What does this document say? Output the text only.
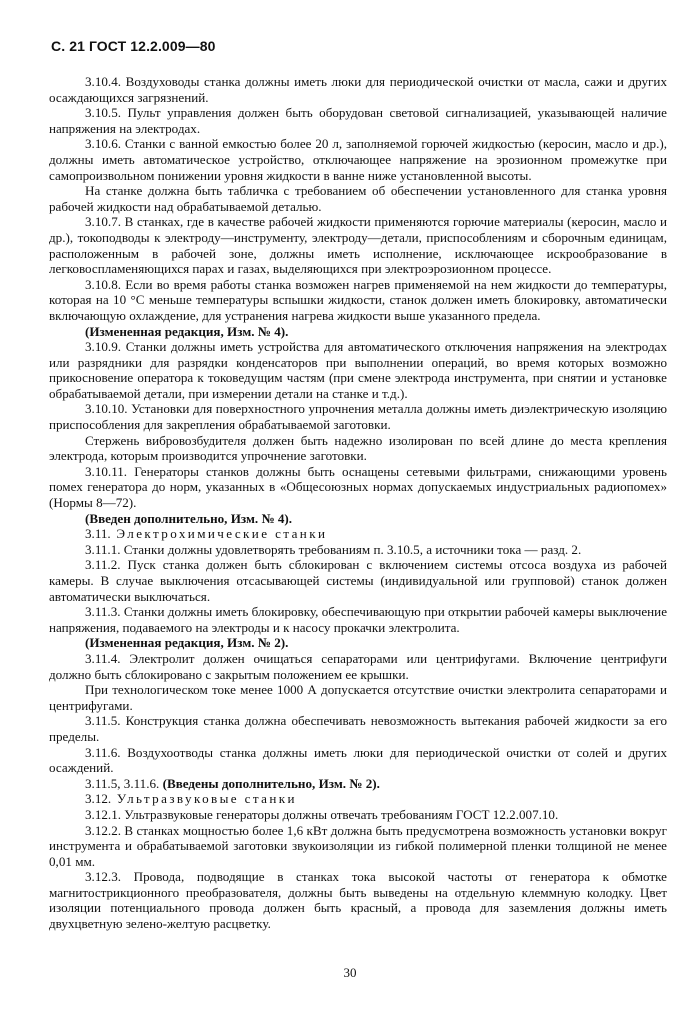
С. 21 ГОСТ 12.2.009—80

3.10.4. Воздуховоды станка должны иметь люки для периодической очистки от масла, сажи и других осаждающихся загрязнений.

3.10.5. Пульт управления должен быть оборудован световой сигнализацией, указывающей наличие напряжения на электродах.

3.10.6. Станки с ванной емкостью более 20 л, заполняемой горючей жидкостью (керосин, масло и др.), должны иметь автоматическое устройство, отключающее напряжение на эрозионном промежутке при самопроизвольном понижении уровня жидкости в ванне ниже установленной высоты.

На станке должна быть табличка с требованием об обеспечении установленного для станка уровня рабочей жидкости над обрабатываемой деталью.

3.10.7. В станках, где в качестве рабочей жидкости применяются горючие материалы (керосин, масло и др.), токоподводы к электроду—инструменту, электроду—детали, приспособлениям и сборочным единицам, расположенным в рабочей зоне, должны иметь исполнение, исключающее искрообразование в легковоспламеняющихся парах и газах, выделяющихся при электроэрозионном процессе.

3.10.8. Если во время работы станка возможен нагрев применяемой на нем жидкости до температуры, которая на 10 °С меньше температуры вспышки жидкости, станок должен иметь блокировку, автоматически включающую охлаждение, для устранения нагрева жидкости выше указанного предела.

(Измененная редакция, Изм. № 4).

3.10.9. Станки должны иметь устройства для автоматического отключения напряжения на электродах или разрядники для разрядки конденсаторов при выполнении операций, во время которых возможно прикосновение оператора к токоведущим частям (при смене электрода инструмента, при снятии и установке обрабатываемой детали, при измерении детали на станке и т.д.).

3.10.10. Установки для поверхностного упрочнения металла должны иметь диэлектрическую изоляцию приспособления для закрепления обрабатываемой заготовки.

Стержень вибровозбудителя должен быть надежно изолирован по всей длине до места крепления электрода, которым производится упрочнение заготовки.

3.10.11. Генераторы станков должны быть оснащены сетевыми фильтрами, снижающими уровень помех генератора до норм, указанных в «Общесоюзных нормах допускаемых индустриальных радиопомех» (Нормы 8—72).

(Введен дополнительно, Изм. № 4).

3.11. Электрохимические станки

3.11.1. Станки должны удовлетворять требованиям п. 3.10.5, а источники тока — разд. 2.

3.11.2. Пуск станка должен быть сблокирован с включением системы отсоса воздуха из рабочей камеры. В случае выключения отсасывающей системы (индивидуальной или групповой) станок должен автоматически выключаться.

3.11.3. Станки должны иметь блокировку, обеспечивающую при открытии рабочей камеры выключение напряжения, подаваемого на электроды и к насосу прокачки электролита.

(Измененная редакция, Изм. № 2).

3.11.4. Электролит должен очищаться сепараторами или центрифугами. Включение центрифуги должно быть сблокировано с закрытым положением ее крышки.

При технологическом токе менее 1000 А допускается отсутствие очистки электролита сепараторами и центрифугами.

3.11.5. Конструкция станка должна обеспечивать невозможность вытекания рабочей жидкости за его пределы.

3.11.6. Воздухоотводы станка должны иметь люки для периодической очистки от солей и других осаждений.

3.11.5, 3.11.6. (Введены дополнительно, Изм. № 2).

3.12. Ультразвуковые станки

3.12.1. Ультразвуковые генераторы должны отвечать требованиям ГОСТ 12.2.007.10.

3.12.2. В станках мощностью более 1,6 кВт должна быть предусмотрена возможность установки вокруг инструмента и обрабатываемой заготовки звукоизоляции из гибкой полимерной пленки толщиной не менее 0,01 мм.

3.12.3. Провода, подводящие в станках тока высокой частоты от генератора к обмотке магнитострикционного преобразователя, должны быть выведены на отдельную клеммную колодку. Цвет изоляции потенциального провода должен быть красный, а провода для заземления должны иметь двухцветную зелено-желтую расцветку.

30
